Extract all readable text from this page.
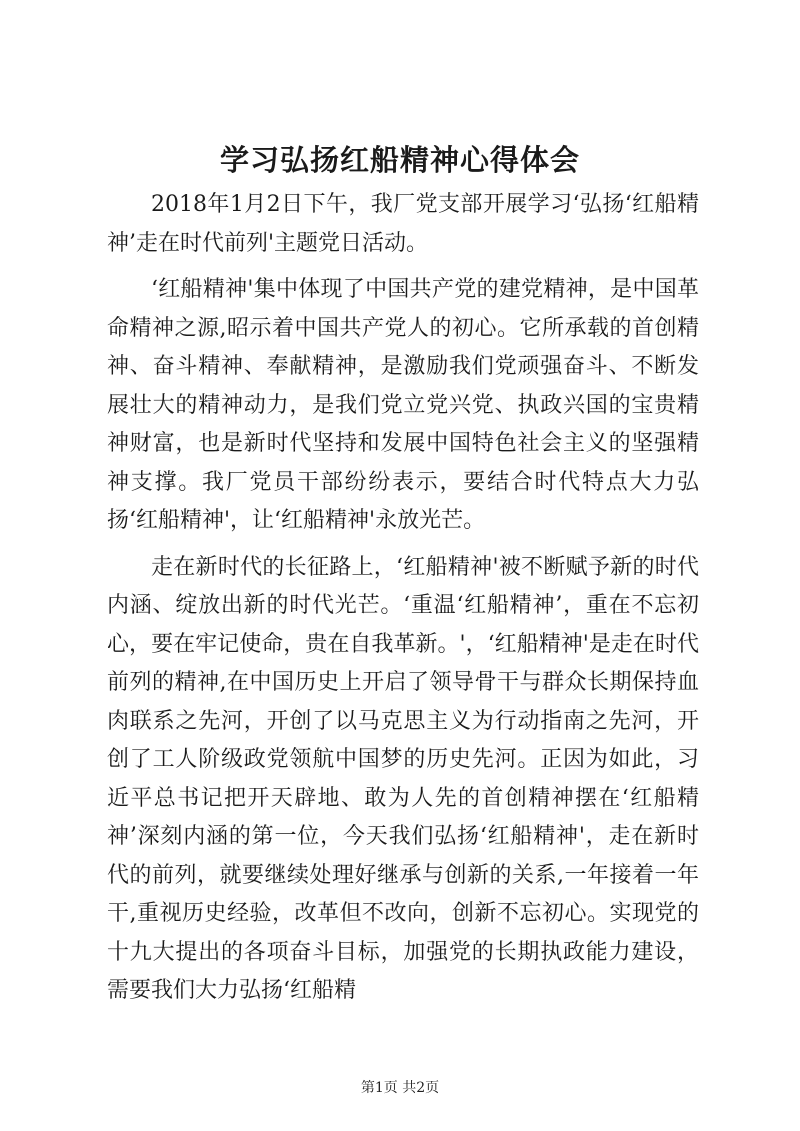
学习弘扬红船精神心得体会

2018年1月2日下午，我厂党支部开展学习‘弘扬‘红船精神’走在时代前列'主题党日活动。

‘红船精神'集中体现了中国共产党的建党精神，是中国革命精神之源,昭示着中国共产党人的初心。它所承载的首创精神、奋斗精神、奉献精神，是激励我们党顽强奋斗、不断发展壮大的精神动力，是我们党立党兴党、执政兴国的宝贵精神财富，也是新时代坚持和发展中国特色社会主义的坚强精神支撑。我厂党员干部纷纷表示，要结合时代特点大力弘扬‘红船精神'，让‘红船精神'永放光芒。

走在新时代的长征路上，‘红船精神'被不断赋予新的时代内涵、绽放出新的时代光芒。‘重温‘红船精神’，重在不忘初心，要在牢记使命，贵在自我革新。'，‘红船精神'是走在时代前列的精神,在中国历史上开启了领导骨干与群众长期保持血肉联系之先河，开创了以马克思主义为行动指南之先河，开创了工人阶级政党领航中国梦的历史先河。正因为如此，习近平总书记把开天辟地、敢为人先的首创精神摆在‘红船精神’深刻内涵的第一位，今天我们弘扬‘红船精神'，走在新时代的前列，就要继续处理好继承与创新的关系,一年接着一年干,重视历史经验，改革但不改向，创新不忘初心。实现党的十九大提出的各项奋斗目标，加强党的长期执政能力建设，需要我们大力弘扬‘红船精

第1页 共2页
